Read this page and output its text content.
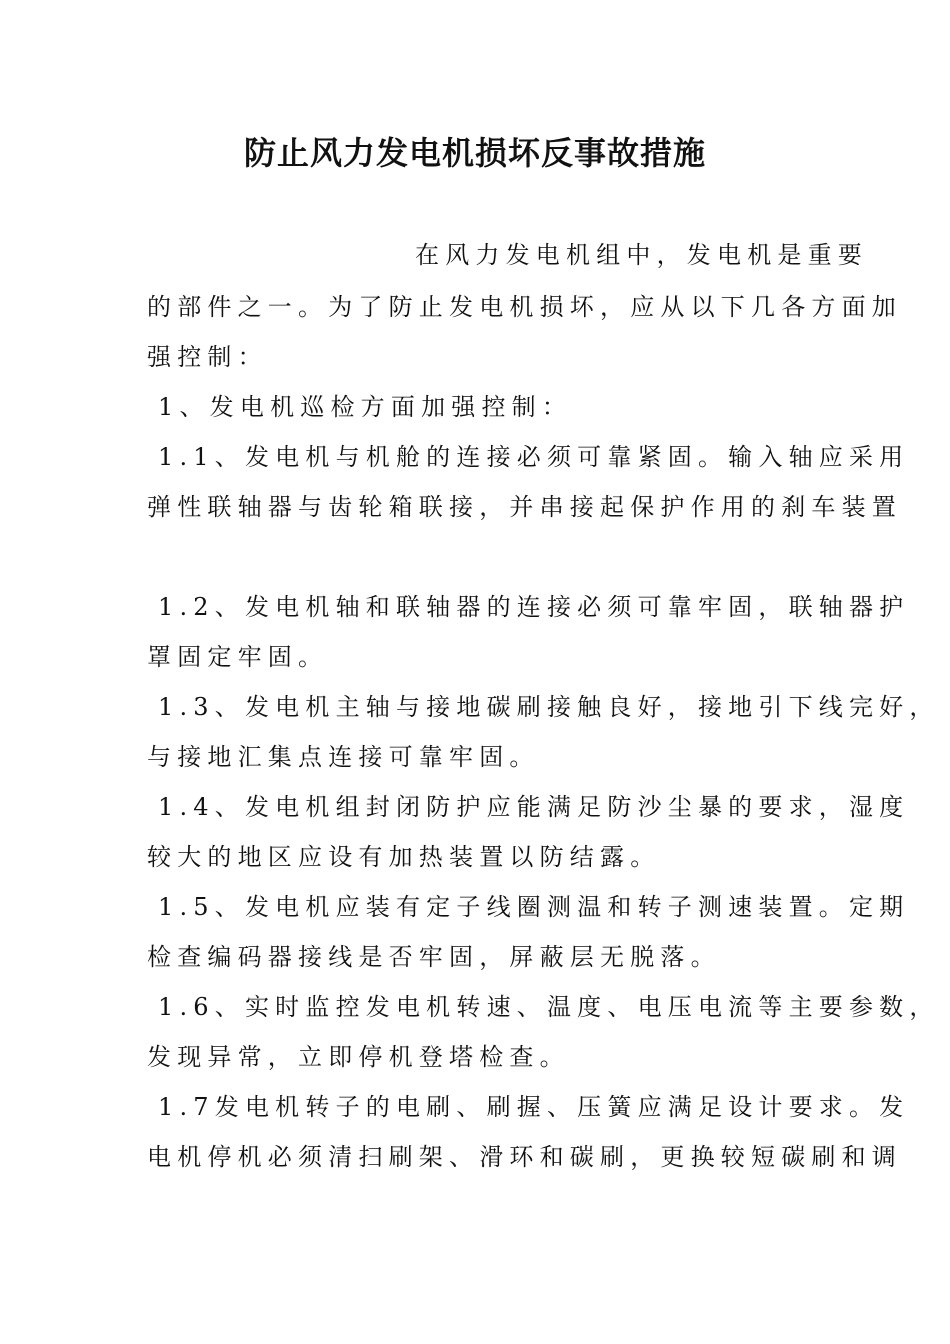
防止风力发电机损坏反事故措施
在风力发电机组中，发电机是重要
的部件之一。为了防止发电机损坏，应从以下几各方面加
强控制：
1、发电机巡检方面加强控制：
1.1、发电机与机舱的连接必须可靠紧固。输入轴应采用
弹性联轴器与齿轮箱联接，并串接起保护作用的刹车装置
1.2、发电机轴和联轴器的连接必须可靠牢固，联轴器护
罩固定牢固。
1.3、发电机主轴与接地碳刷接触良好，接地引下线完好，
与接地汇集点连接可靠牢固。
1.4、发电机组封闭防护应能满足防沙尘暴的要求，湿度
较大的地区应设有加热装置以防结露。
1.5、发电机应装有定子线圈测温和转子测速装置。定期
检查编码器接线是否牢固，屏蔽层无脱落。
1.6、实时监控发电机转速、温度、电压电流等主要参数，
发现异常，立即停机登塔检查。
1.7发电机转子的电刷、刷握、压簧应满足设计要求。发
电机停机必须清扫刷架、滑环和碳刷，更换较短碳刷和调
